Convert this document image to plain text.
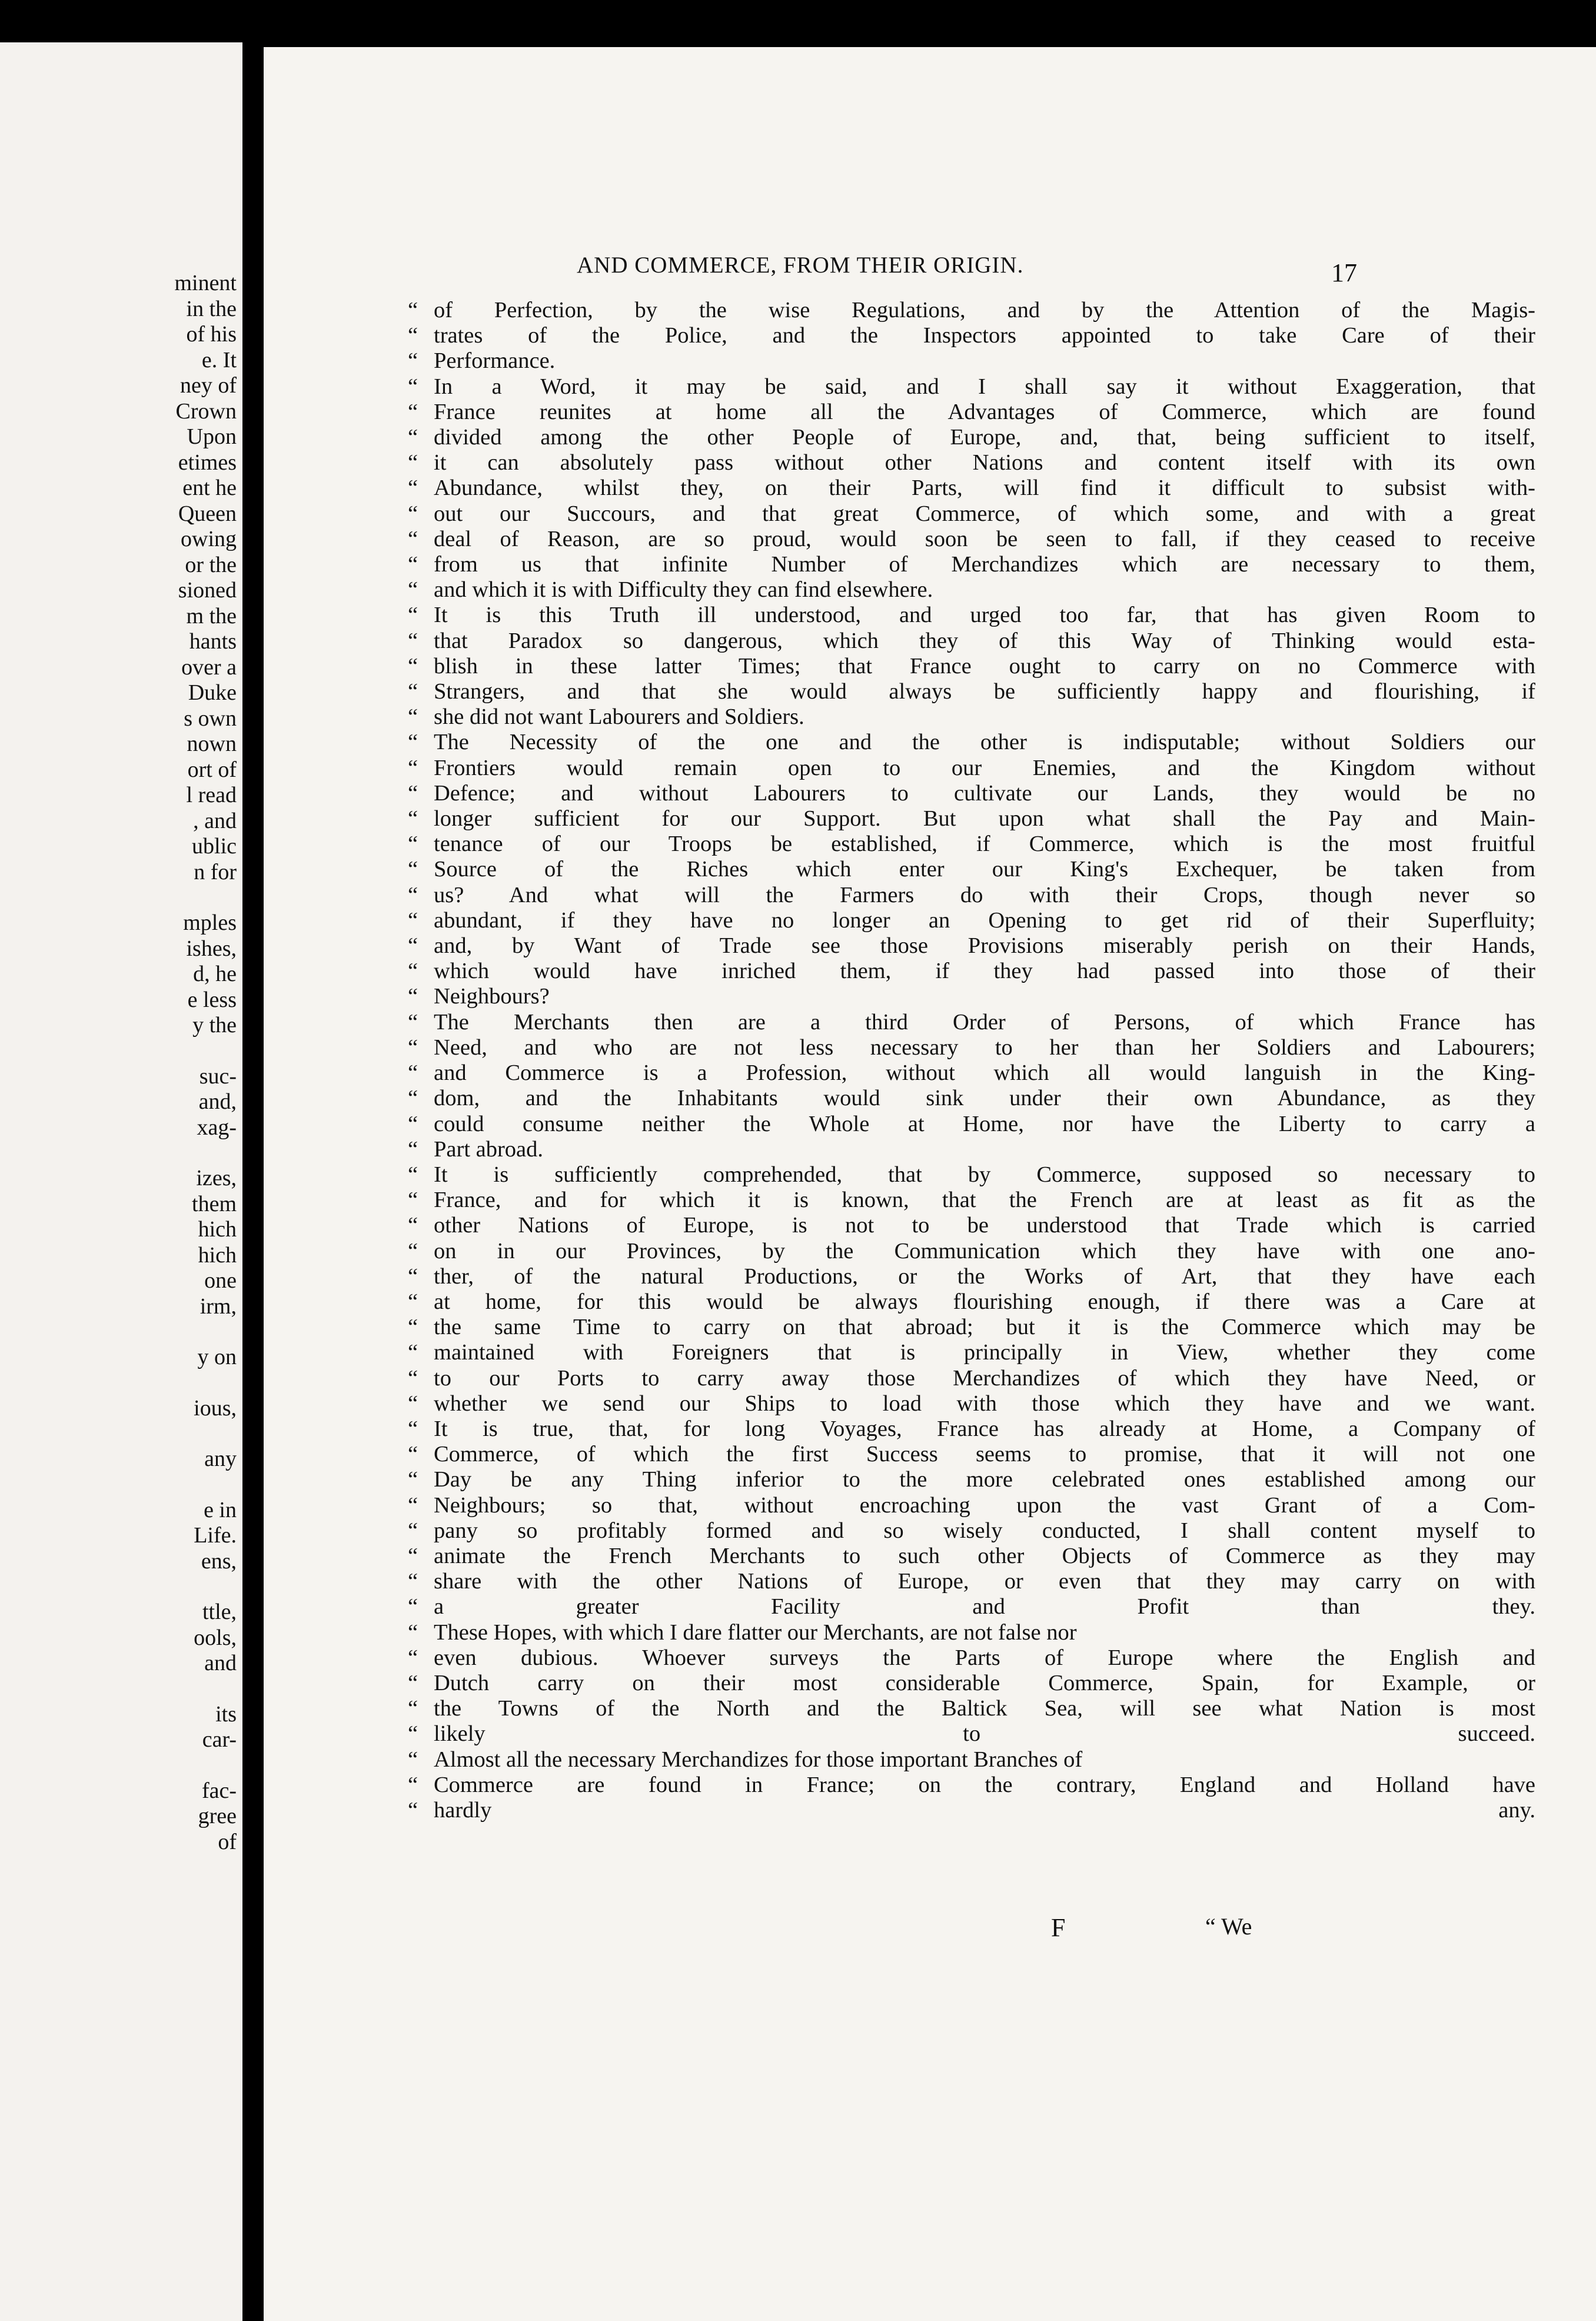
minent
in the
of his
e. It
ney of
Crown
Upon
etimes
ent he
Queen
owing
or the
sioned
m the
hants
over a
Duke
s own
nown
ort of
l read
, and
ublic
n for
mples
ishes,
d, he
e less
y the
suc-
and,
xag-
izes,
them
hich
hich
one
irm,
y on
ious,
any
e in
Life.
ens,
ttle,
ools,
and
its
car-
fac-
gree
of
AND COMMERCE, FROM THEIR ORIGIN.	17
“ of Perfection, by the wise Regulations, and by the Attention of the Magis-
“ trates of the Police, and the Inspectors appointed to take Care of their
“ Performance.
“ In a Word, it may be said, and I shall say it without Exaggeration, that
“ France reunites at home all the Advantages of Commerce, which are found
“ divided among the other People of Europe, and, that, being sufficient to itself,
“ it can absolutely pass without other Nations and content itself with its own
“ Abundance, whilst they, on their Parts, will find it difficult to subsist with-
“ out our Succours, and that great Commerce, of which some, and with a great
“ deal of Reason, are so proud, would soon be seen to fall, if they ceased to receive
“ from us that infinite Number of Merchandizes which are necessary to them,
“ and which it is with Difficulty they can find elsewhere.
“ It is this Truth ill understood, and urged too far, that has given Room to
“ that Paradox so dangerous, which they of this Way of Thinking would esta-
“ blish in these latter Times; that France ought to carry on no Commerce with
“ Strangers, and that she would always be sufficiently happy and flourishing, if
“ she did not want Labourers and Soldiers.
“ The Necessity of the one and the other is indisputable; without Soldiers our
“ Frontiers would remain open to our Enemies, and the Kingdom without
“ Defence; and without Labourers to cultivate our Lands, they would be no
“ longer sufficient for our Support. But upon what shall the Pay and Main-
“ tenance of our Troops be established, if Commerce, which is the most fruitful
“ Source of the Riches which enter our King's Exchequer, be taken from
“ us? And what will the Farmers do with their Crops, though never so
“ abundant, if they have no longer an Opening to get rid of their Superfluity;
“ and, by Want of Trade see those Provisions miserably perish on their Hands,
“ which would have inriched them, if they had passed into those of their
“ Neighbours?
“ The Merchants then are a third Order of Persons, of which France has
“ Need, and who are not less necessary to her than her Soldiers and Labourers;
“ and Commerce is a Profession, without which all would languish in the King-
“ dom, and the Inhabitants would sink under their own Abundance, as they
“ could consume neither the Whole at Home, nor have the Liberty to carry a
“ Part abroad.
“ It is sufficiently comprehended, that by Commerce, supposed so necessary to
“ France, and for which it is known, that the French are at least as fit as the
“ other Nations of Europe, is not to be understood that Trade which is carried
“ on in our Provinces, by the Communication which they have with one ano-
“ ther, of the natural Productions, or the Works of Art, that they have each
“ at home, for this would be always flourishing enough, if there was a Care at
“ the same Time to carry on that abroad; but it is the Commerce which may be
“ maintained with Foreigners that is principally in View, whether they come
“ to our Ports to carry away those Merchandizes of which they have Need, or
“ whether we send our Ships to load with those which they have and we want.
“ It is true, that, for long Voyages, France has already at Home, a Company of
“ Commerce, of which the first Success seems to promise, that it will not one
“ Day be any Thing inferior to the more celebrated ones established among our
“ Neighbours; so that, without encroaching upon the vast Grant of a Com-
“ pany so profitably formed and so wisely conducted, I shall content myself to
“ animate the French Merchants to such other Objects of Commerce as they may
“ share with the other Nations of Europe, or even that they may carry on with
“ a greater Facility and Profit than they.
“ These Hopes, with which I dare flatter our Merchants, are not false nor
“ even dubious. Whoever surveys the Parts of Europe where the English and
“ Dutch carry on their most considerable Commerce, Spain, for Example, or
“ the Towns of the North and the Baltick Sea, will see what Nation is most
“ likely to succeed.
“ Almost all the necessary Merchandizes for those important Branches of
“ Commerce are found in France; on the contrary, England and Holland have
“ hardly any.
F	“ We
